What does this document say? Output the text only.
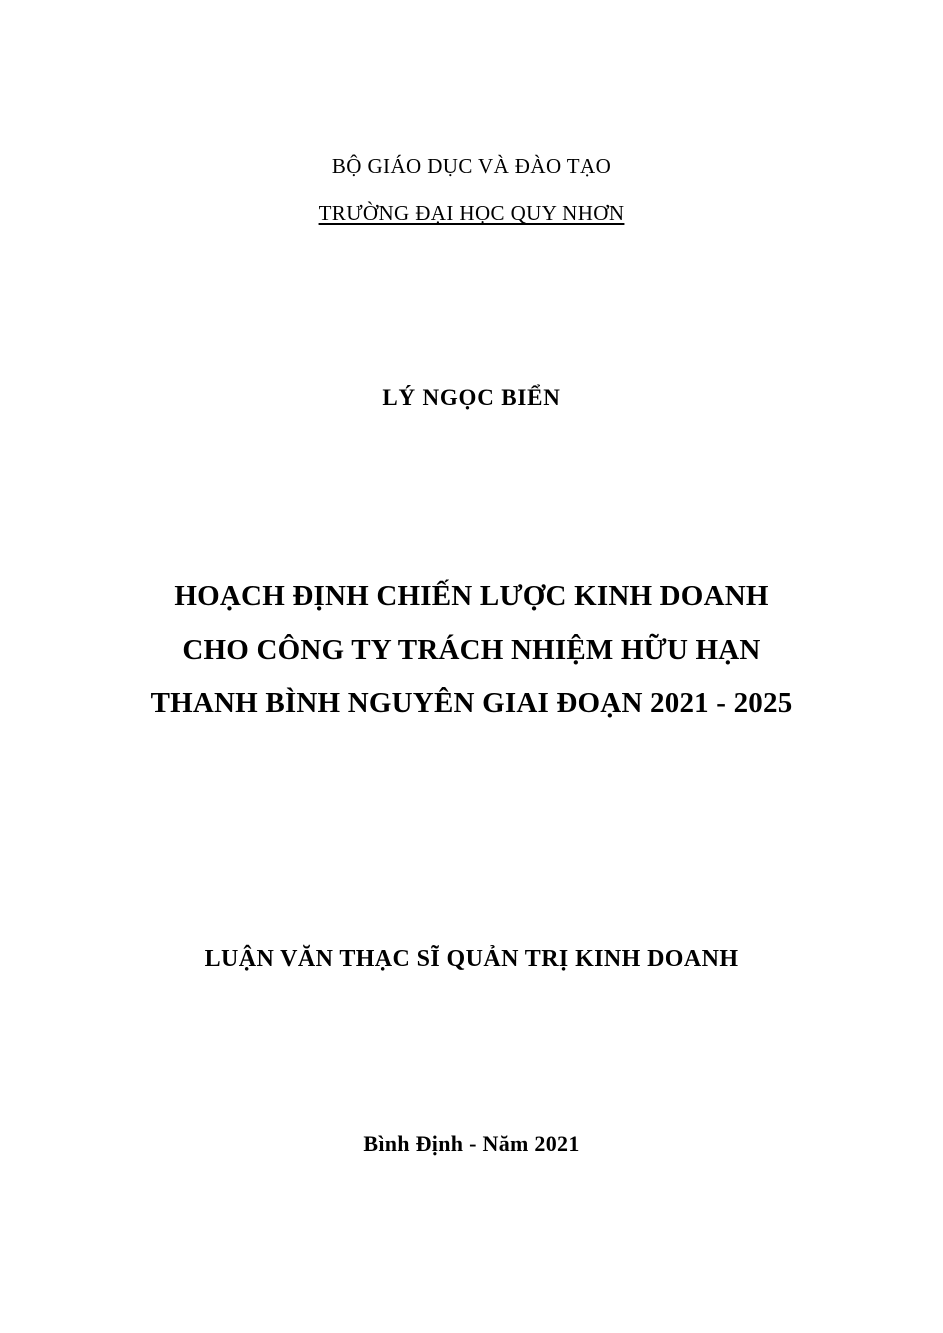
BỘ GIÁO DỤC VÀ ĐÀO TẠO
TRƯỜNG ĐẠI HỌC QUY NHƠN
LÝ NGỌC BIỂN
HOẠCH ĐỊNH CHIẾN LƯỢC KINH DOANH
CHO CÔNG TY TRÁCH NHIỆM HỮU HẠN
THANH BÌNH NGUYÊN GIAI ĐOẠN 2021 - 2025
LUẬN VĂN THẠC SĨ QUẢN TRỊ KINH DOANH
Bình Định - Năm 2021
